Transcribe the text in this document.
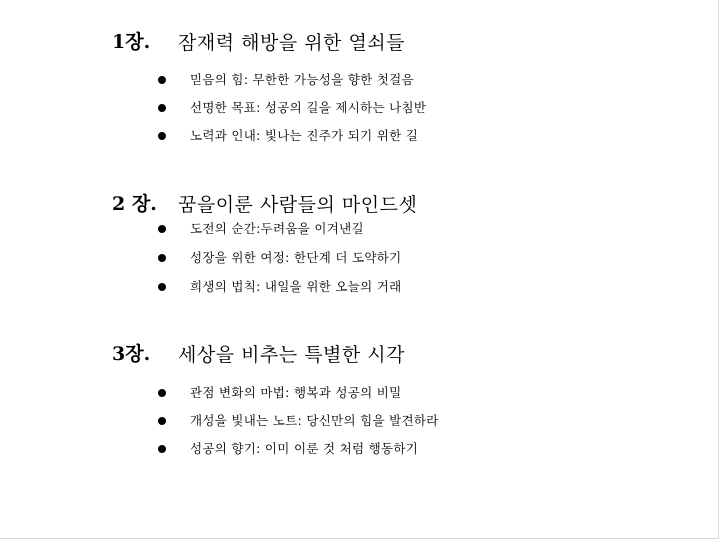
1장. 잠재력 해방을 위한 열쇠들
믿음의 힘: 무한한 가능성을 향한 첫걸음
선명한 목표: 성공의 길을 제시하는 나침반
노력과 인내: 빛나는 진주가 되기 위한 길
2 장. 꿈을이룬 사람들의 마인드셋
도전의 순간:두려움을 이겨낸길
성장을 위한 여정: 한단계 더 도약하기
희생의 법칙: 내일을 위한 오늘의 거래
3장. 세상을 비추는 특별한 시각
관점 변화의 마법: 행복과 성공의 비밀
개성을 빛내는 노트: 당신만의 힘을 발견하라
성공의 향기: 이미 이룬 것 처럼 행동하기
